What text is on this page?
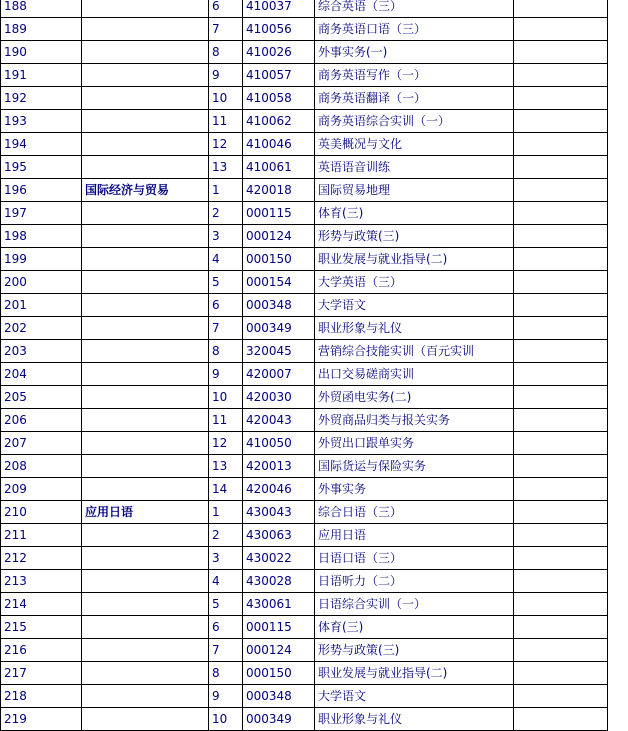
188		6	410037	综合英语（三）	
189		7	410056	商务英语口语（三）	
190		8	410026	外事实务(一)	
191		9	410057	商务英语写作（一）	
192		10	410058	商务英语翻译（一）	
193		11	410062	商务英语综合实训（一）	
194		12	410046	英美概况与文化	
195		13	410061	英语语音训练	
196	国际经济与贸易	1	420018	国际贸易地理	
197		2	000115	体育(三)	
198		3	000124	形势与政策(三)	
199		4	000150	职业发展与就业指导(二)	
200		5	000154	大学英语（三）	
201		6	000348	大学语文	
202		7	000349	职业形象与礼仪	
203		8	320045	营销综合技能实训（百元实训	
204		9	420007	出口交易磋商实训	
205		10	420030	外贸函电实务(二)	
206		11	420043	外贸商品归类与报关实务	
207		12	410050	外贸出口跟单实务	
208		13	420013	国际货运与保险实务	
209		14	420046	外事实务	
210	应用日语	1	430043	综合日语（三）	
211		2	430063	应用日语	
212		3	430022	日语口语（三）	
213		4	430028	日语听力（二）	
214		5	430061	日语综合实训（一）	
215		6	000115	体育(三)	
216		7	000124	形势与政策(三)	
217		8	000150	职业发展与就业指导(二)	
218		9	000348	大学语文	
219		10	000349	职业形象与礼仪	
